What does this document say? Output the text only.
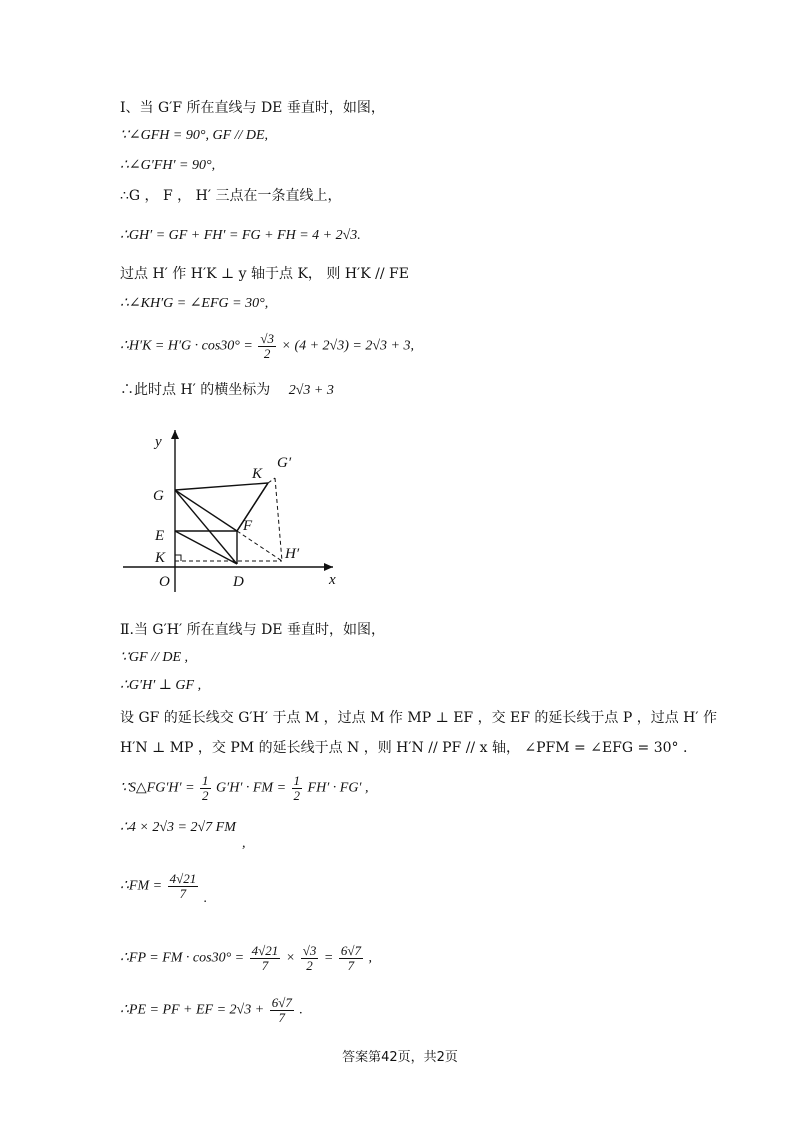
Ⅰ、当 G′F 所在直线与 DE 垂直时，如图，
∵∠GFH = 90°, GF // DE,
∴∠G′FH′ = 90°,
∴G ， F ， H′ 三点在一条直线上，
∴GH′ = GF + FH′ = FG + FH = 4 + 2√3.
过点 H′ 作 H′K ⊥ y 轴于点 K， 则 H′K // FE
∴∠KH′G = ∠EFG = 30°,
∴H′K = $H'G \cdot \cos 30^\circ = \frac{√3}{2} \times (4 + 2√3) = 2√3 + 3$,
∴此时点 H′ 的横坐标为 2√3 + 3
x
y
O
G
E
K
D
F
K
G′
H′
Ⅱ.当 G′H′ 所在直线与 DE 垂直时，如图，
∵GF // DE ,
∴G′H′ ⊥ GF ,
设 GF 的延长线交 G′H′ 于点 M ，过点 M 作 MP ⊥ EF ，交 EF 的延长线于点 P ，过点 H′ 作
H′N ⊥ MP ，交 PM 的延长线于点 N ，则 H′N // PF // x 轴， ∠PFM = ∠EFG = 30° .
∵S△FG′H′ = $\frac{1}{2} G'H'$ · FM = $\frac{1}{2} FH' \cdot FG'$ ,
∴4 × 2√3 = 2√7 FM
,
∴FM = $\frac{4√21}{7}$ .
∴FP = FM · $\cos 30^\circ = \frac{4√21}{7} \times \frac{√3}{2} = \frac{6√7}{7}$ ,
∴PE = PF + EF = $2√3 + \frac{6√7}{7}$ .
答案第42页，共2页
